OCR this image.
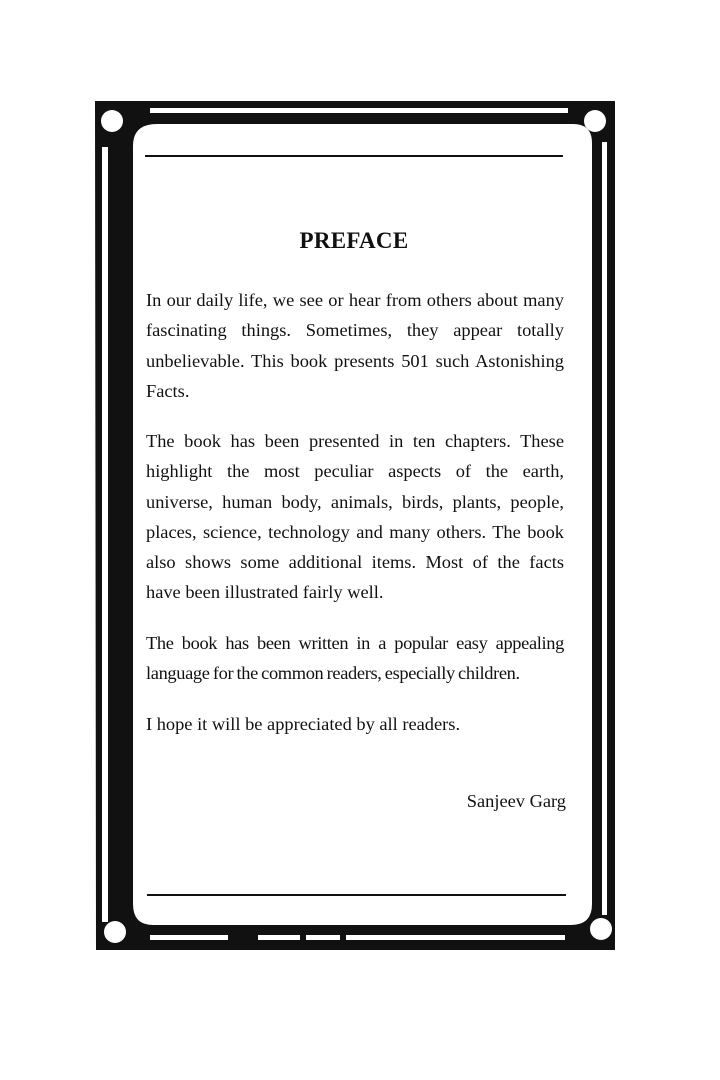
PREFACE

In our daily life, we see or hear from others about many fascinating things. Sometimes, they appear totally unbelievable. This book presents 501 such Astonishing Facts.

The book has been presented in ten chapters. These highlight the most peculiar aspects of the earth, universe, human body, animals, birds, plants, people, places, science, technology and many others. The book also shows some additional items. Most of the facts have been illustrated fairly well.

The book has been written in a popular easy appealing language for the common readers, especially children.

I hope it will be appreciated by all readers.

Sanjeev Garg
